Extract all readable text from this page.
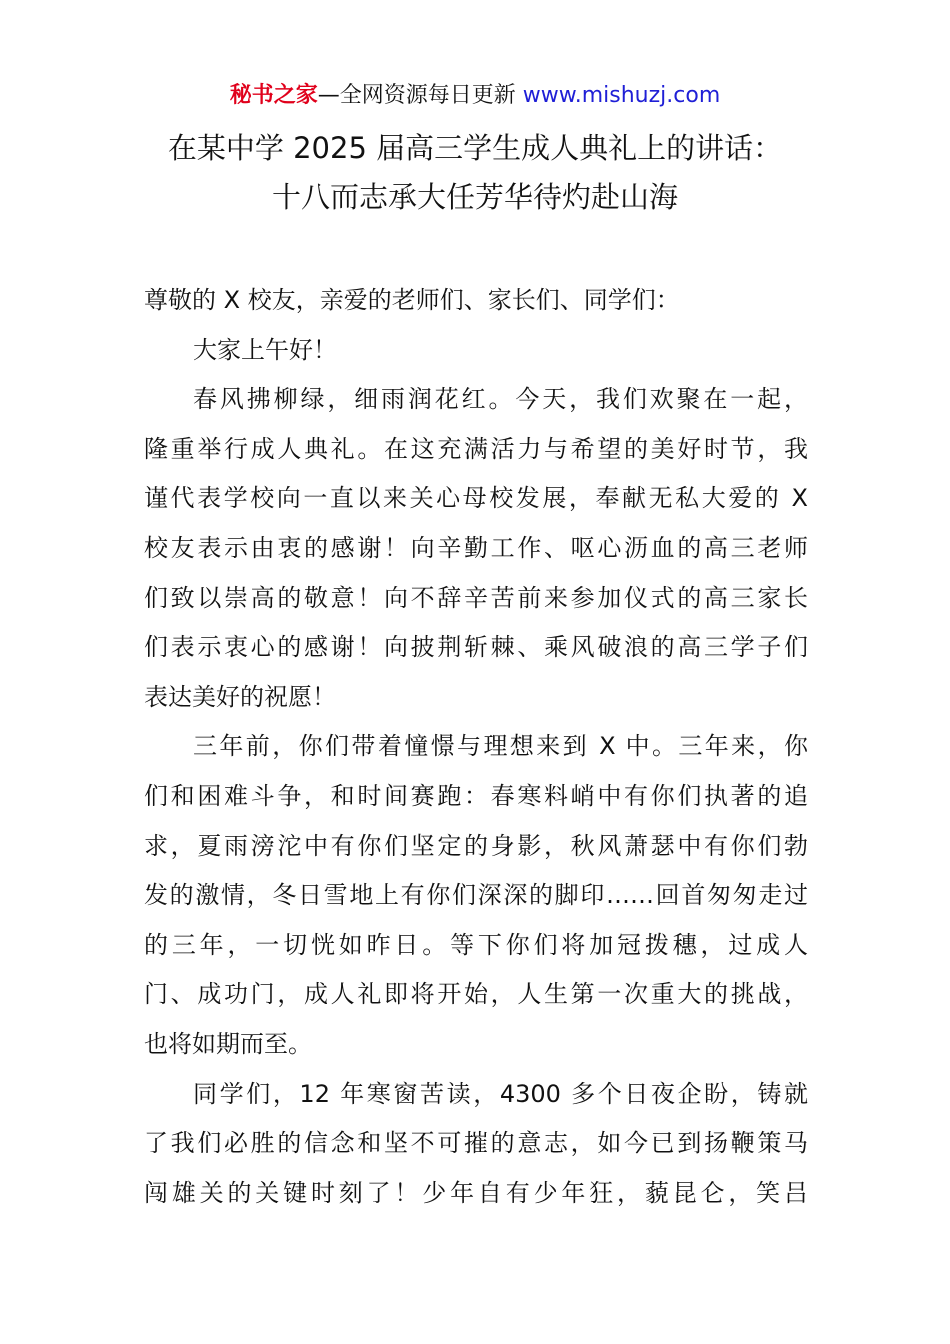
秘书之家—全网资源每日更新 www.mishuzj.com
在某中学 2025 届高三学生成人典礼上的讲话：
十八而志承大任芳华待灼赴山海
尊敬的 X 校友，亲爱的老师们、家长们、同学们：
大家上午好！
春风拂柳绿，细雨润花红。今天，我们欢聚在一起，
隆重举行成人典礼。在这充满活力与希望的美好时节，我
谨代表学校向一直以来关心母校发展，奉献无私大爱的 X
校友表示由衷的感谢！向辛勤工作、呕心沥血的高三老师
们致以崇高的敬意！向不辞辛苦前来参加仪式的高三家长
们表示衷心的感谢！向披荆斩棘、乘风破浪的高三学子们
表达美好的祝愿！
三年前，你们带着憧憬与理想来到 X 中。三年来，你
们和困难斗争，和时间赛跑：春寒料峭中有你们执著的追
求，夏雨滂沱中有你们坚定的身影，秋风萧瑟中有你们勃
发的激情，冬日雪地上有你们深深的脚印……回首匆匆走过
的三年，一切恍如昨日。等下你们将加冠拨穗，过成人
门、成功门，成人礼即将开始，人生第一次重大的挑战，
也将如期而至。
同学们，12 年寒窗苦读，4300 多个日夜企盼，铸就
了我们必胜的信念和坚不可摧的意志，如今已到扬鞭策马
闯雄关的关键时刻了！少年自有少年狂，藐昆仑，笑吕
